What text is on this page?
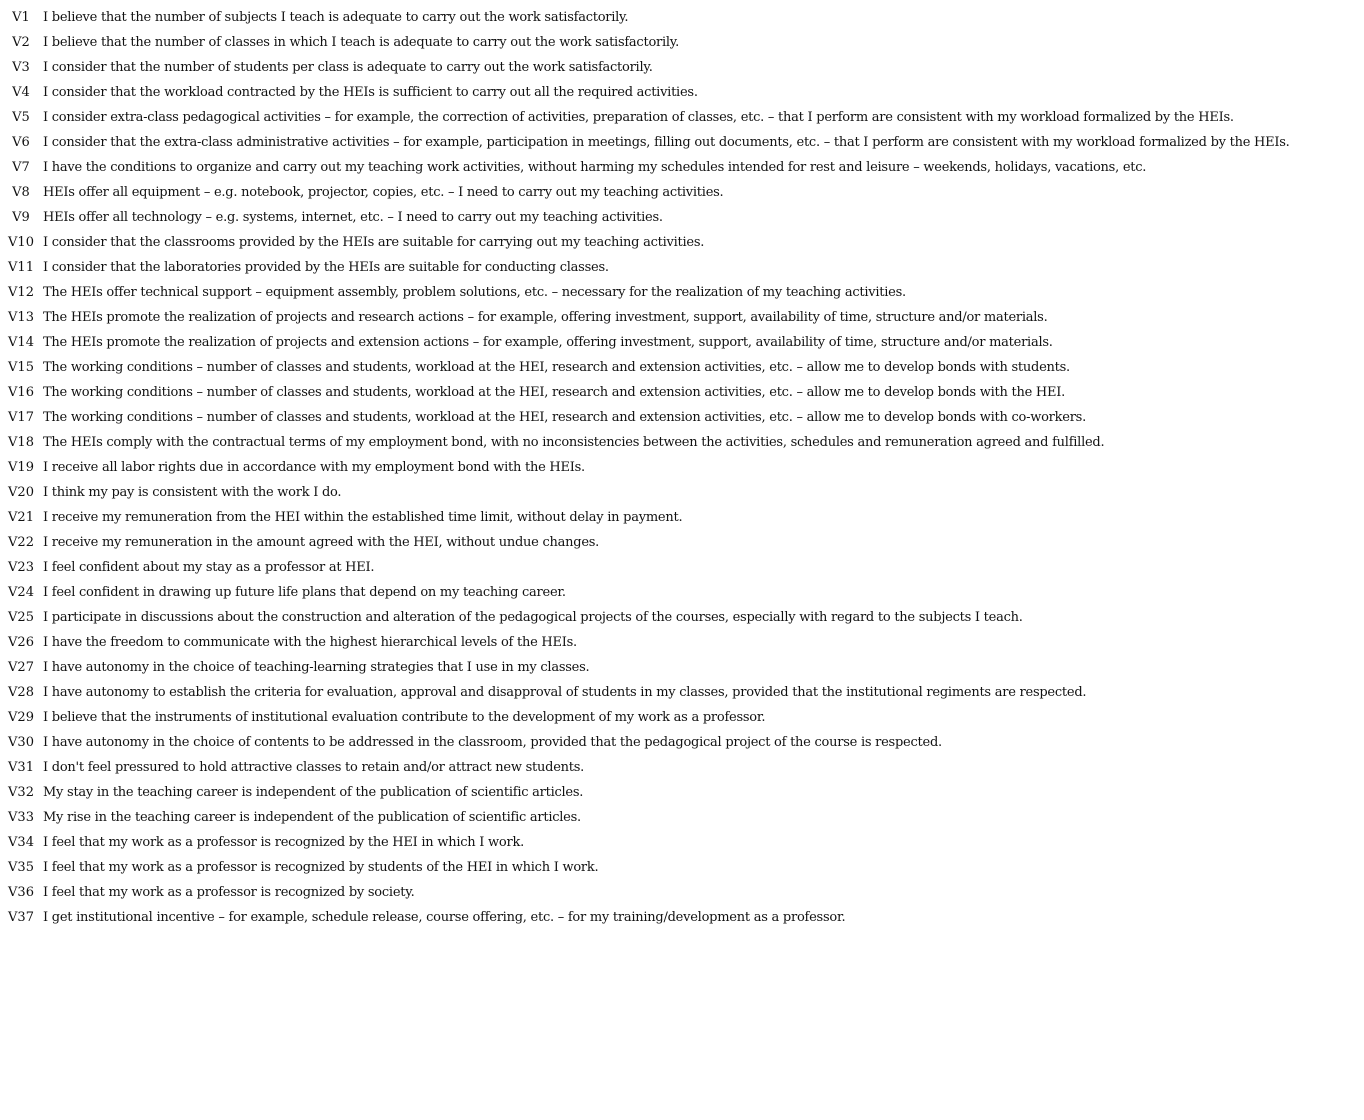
V1	I believe that the number of subjects I teach is adequate to carry out the work satisfactorily.
V2	I believe that the number of classes in which I teach is adequate to carry out the work satisfactorily.
V3	I consider that the number of students per class is adequate to carry out the work satisfactorily.
V4	I consider that the workload contracted by the HEIs is sufficient to carry out all the required activities.
V5	I consider extra-class pedagogical activities – for example, the correction of activities, preparation of classes, etc. – that I perform are consistent with my workload formalized by the HEIs.
V6	I consider that the extra-class administrative activities – for example, participation in meetings, filling out documents, etc. – that I perform are consistent with my workload formalized by the HEIs.
V7	I have the conditions to organize and carry out my teaching work activities, without harming my schedules intended for rest and leisure – weekends, holidays, vacations, etc.
V8	HEIs offer all equipment – e.g. notebook, projector, copies, etc. – I need to carry out my teaching activities.
V9	HEIs offer all technology – e.g. systems, internet, etc. – I need to carry out my teaching activities.
V10 I consider that the classrooms provided by the HEIs are suitable for carrying out my teaching activities.
V11 I consider that the laboratories provided by the HEIs are suitable for conducting classes.
V12 The HEIs offer technical support – equipment assembly, problem solutions, etc. – necessary for the realization of my teaching activities.
V13 The HEIs promote the realization of projects and research actions – for example, offering investment, support, availability of time, structure and/or materials.
V14 The HEIs promote the realization of projects and extension actions – for example, offering investment, support, availability of time, structure and/or materials.
V15 The working conditions – number of classes and students, workload at the HEI, research and extension activities, etc. – allow me to develop bonds with students.
V16 The working conditions – number of classes and students, workload at the HEI, research and extension activities, etc. – allow me to develop bonds with the HEI.
V17 The working conditions – number of classes and students, workload at the HEI, research and extension activities, etc. – allow me to develop bonds with co-workers.
V18 The HEIs comply with the contractual terms of my employment bond, with no inconsistencies between the activities, schedules and remuneration agreed and fulfilled.
V19 I receive all labor rights due in accordance with my employment bond with the HEIs.
V20 I think my pay is consistent with the work I do.
V21 I receive my remuneration from the HEI within the established time limit, without delay in payment.
V22 I receive my remuneration in the amount agreed with the HEI, without undue changes.
V23 I feel confident about my stay as a professor at HEI.
V24 I feel confident in drawing up future life plans that depend on my teaching career.
V25 I participate in discussions about the construction and alteration of the pedagogical projects of the courses, especially with regard to the subjects I teach.
V26 I have the freedom to communicate with the highest hierarchical levels of the HEIs.
V27 I have autonomy in the choice of teaching-learning strategies that I use in my classes.
V28 I have autonomy to establish the criteria for evaluation, approval and disapproval of students in my classes, provided that the institutional regiments are respected.
V29 I believe that the instruments of institutional evaluation contribute to the development of my work as a professor.
V30 I have autonomy in the choice of contents to be addressed in the classroom, provided that the pedagogical project of the course is respected.
V31 I don't feel pressured to hold attractive classes to retain and/or attract new students.
V32 My stay in the teaching career is independent of the publication of scientific articles.
V33 My rise in the teaching career is independent of the publication of scientific articles.
V34 I feel that my work as a professor is recognized by the HEI in which I work.
V35 I feel that my work as a professor is recognized by students of the HEI in which I work.
V36 I feel that my work as a professor is recognized by society.
V37 I get institutional incentive – for example, schedule release, course offering, etc. – for my training/development as a professor.
